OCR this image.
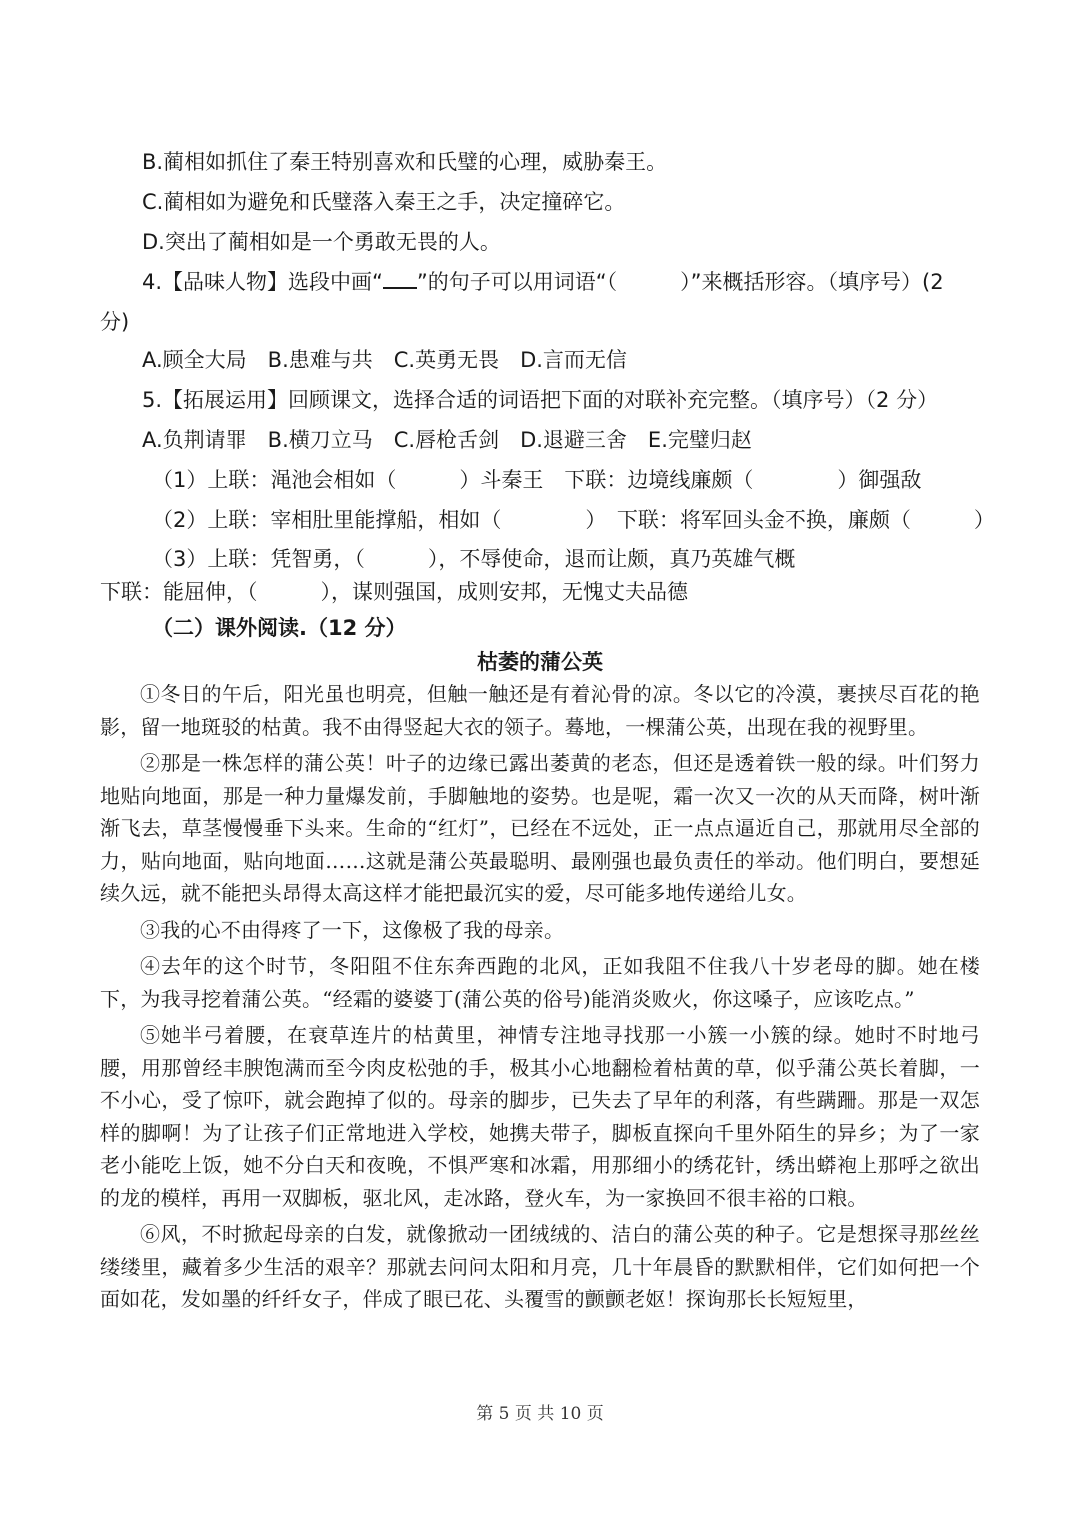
B.蔺相如抓住了秦王特别喜欢和氏璧的心理，威胁秦王。
C.蔺相如为避免和氏璧落入秦王之手，决定撞碎它。
D.突出了蔺相如是一个勇敢无畏的人。
4.【品味人物】选段中画“ ”的句子可以用词语“（　　　）”来概括形容。（填序号）(2
分)
A.顾全大局　B.患难与共　C.英勇无畏　D.言而无信
5.【拓展运用】回顾课文，选择合适的词语把下面的对联补充完整。（填序号）（2 分）
A.负荆请罪　B.横刀立马　C.唇枪舌剑　D.退避三舍　E.完璧归赵
（1）上联：渑池会相如（　　　）斗秦王　下联：边境线廉颇（　　　　）御强敌
（2）上联：宰相肚里能撑船，相如（　　　　）　下联：将军回头金不换，廉颇（　　　）
（3）上联：凭智勇，（　　　），不辱使命，退而让颇，真乃英雄气概
下联：能屈伸，（　　　），谋则强国，成则安邦，无愧丈夫品德
（二）课外阅读.（12 分）
枯萎的蒲公英

①冬日的午后，阳光虽也明亮，但触一触还是有着沁骨的凉。冬以它的冷漠，裹挟尽百花的艳影，留一地斑驳的枯黄。我不由得竖起大衣的领子。蓦地，一棵蒲公英，出现在我的视野里。

②那是一株怎样的蒲公英！叶子的边缘已露出萎黄的老态，但还是透着铁一般的绿。叶们努力地贴向地面，那是一种力量爆发前，手脚触地的姿势。也是呢，霜一次又一次的从天而降，树叶渐渐飞去，草茎慢慢垂下头来。生命的“红灯”，已经在不远处，正一点点逼近自己，那就用尽全部的力，贴向地面，贴向地面……这就是蒲公英最聪明、最刚强也最负责任的举动。他们明白，要想延续久远，就不能把头昂得太高这样才能把最沉实的爱，尽可能多地传递给儿女。

③我的心不由得疼了一下，这像极了我的母亲。

④去年的这个时节，冬阳阻不住东奔西跑的北风，正如我阻不住我八十岁老母的脚。她在楼下，为我寻挖着蒲公英。“经霜的婆婆丁(蒲公英的俗号)能消炎败火，你这嗓子，应该吃点。”

⑤她半弓着腰，在衰草连片的枯黄里，神情专注地寻找那一小簇一小簇的绿。她时不时地弓腰，用那曾经丰腴饱满而至今肉皮松弛的手，极其小心地翻检着枯黄的草，似乎蒲公英长着脚，一不小心，受了惊吓，就会跑掉了似的。母亲的脚步，已失去了早年的利落，有些蹒跚。那是一双怎样的脚啊！为了让孩子们正常地进入学校，她携夫带子，脚板直探向千里外陌生的异乡；为了一家老小能吃上饭，她不分白天和夜晚，不惧严寒和冰霜，用那细小的绣花针，绣出蟒袍上那呼之欲出的龙的模样，再用一双脚板，驱北风，走冰路，登火车，为一家换回不很丰裕的口粮。

⑥风，不时掀起母亲的白发，就像掀动一团绒绒的、洁白的蒲公英的种子。它是想探寻那丝丝缕缕里，藏着多少生活的艰辛？那就去问问太阳和月亮，几十年晨昏的默默相伴，它们如何把一个面如花，发如墨的纤纤女子，伴成了眼已花、头覆雪的颤颤老妪！探询那长长短短里，

第 5 页 共 10 页
